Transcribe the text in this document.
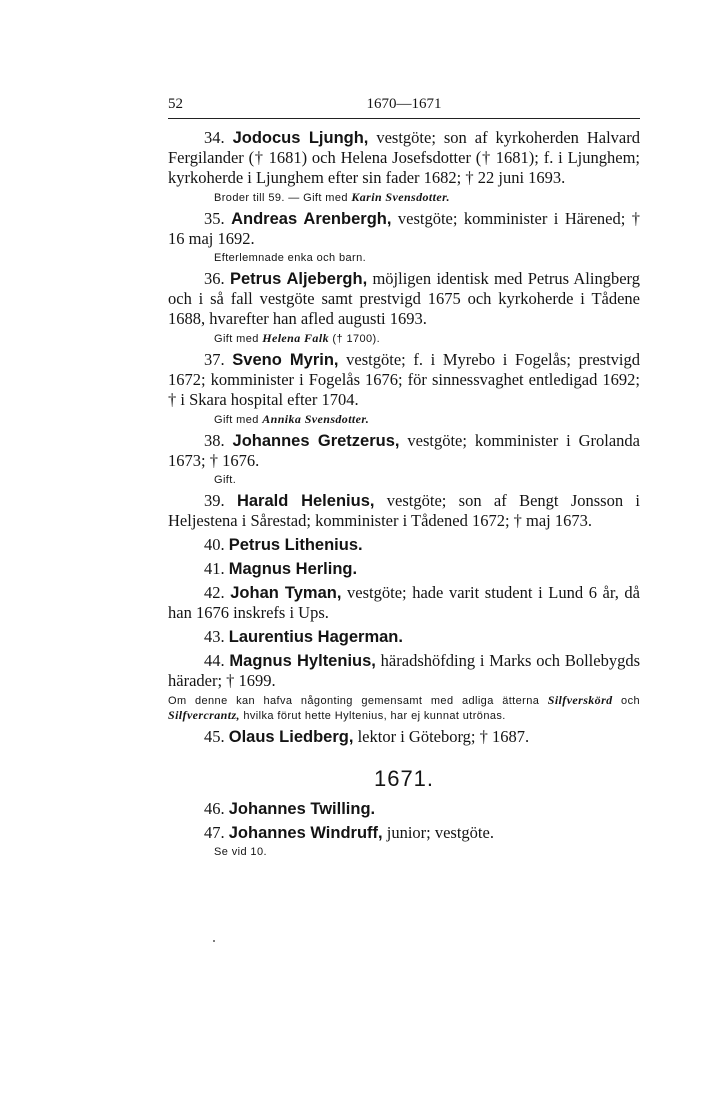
52	1670—1671

34. Jodocus Ljungh, vestgöte; son af kyrkoherden Halvard Fergilander († 1681) och Helena Josefsdotter († 1681); f. i Ljunghem; kyrkoherde i Ljunghem efter sin fader 1682; † 22 juni 1693.

Broder till 59. — Gift med Karin Svensdotter.

35. Andreas Arenbergh, vestgöte; komminister i Härened; † 16 maj 1692.

Efterlemnade enka och barn.

36. Petrus Aljebergh, möjligen identisk med Petrus Alingberg och i så fall vestgöte samt prestvigd 1675 och kyrkoherde i Tådene 1688, hvarefter han afled augusti 1693.

Gift med Helena Falk († 1700).

37. Sveno Myrin, vestgöte; f. i Myrebo i Fogelås; prestvigd 1672; komminister i Fogelås 1676; för sinnessvaghet entledigad 1692; † i Skara hospital efter 1704.

Gift med Annika Svensdotter.

38. Johannes Gretzerus, vestgöte; komminister i Grolanda 1673; † 1676.

Gift.

39. Harald Helenius, vestgöte; son af Bengt Jonsson i Heljestena i Sårestad; komminister i Tådened 1672; † maj 1673.

40. Petrus Lithenius.

41. Magnus Herling.

42. Johan Tyman, vestgöte; hade varit student i Lund 6 år, då han 1676 inskrefs i Ups.

43. Laurentius Hagerman.

44. Magnus Hyltenius, häradshöfding i Marks och Bollebygds härader; † 1699.

Om denne kan hafva någonting gemensamt med adliga ätterna Silfverskörd och Silfvercrantz, hvilka förut hette Hyltenius, har ej kunnat utrönas.

45. Olaus Liedberg, lektor i Göteborg; † 1687.

1671.

46. Johannes Twilling.

47. Johannes Windruff, junior; vestgöte.

Se vid 10.
